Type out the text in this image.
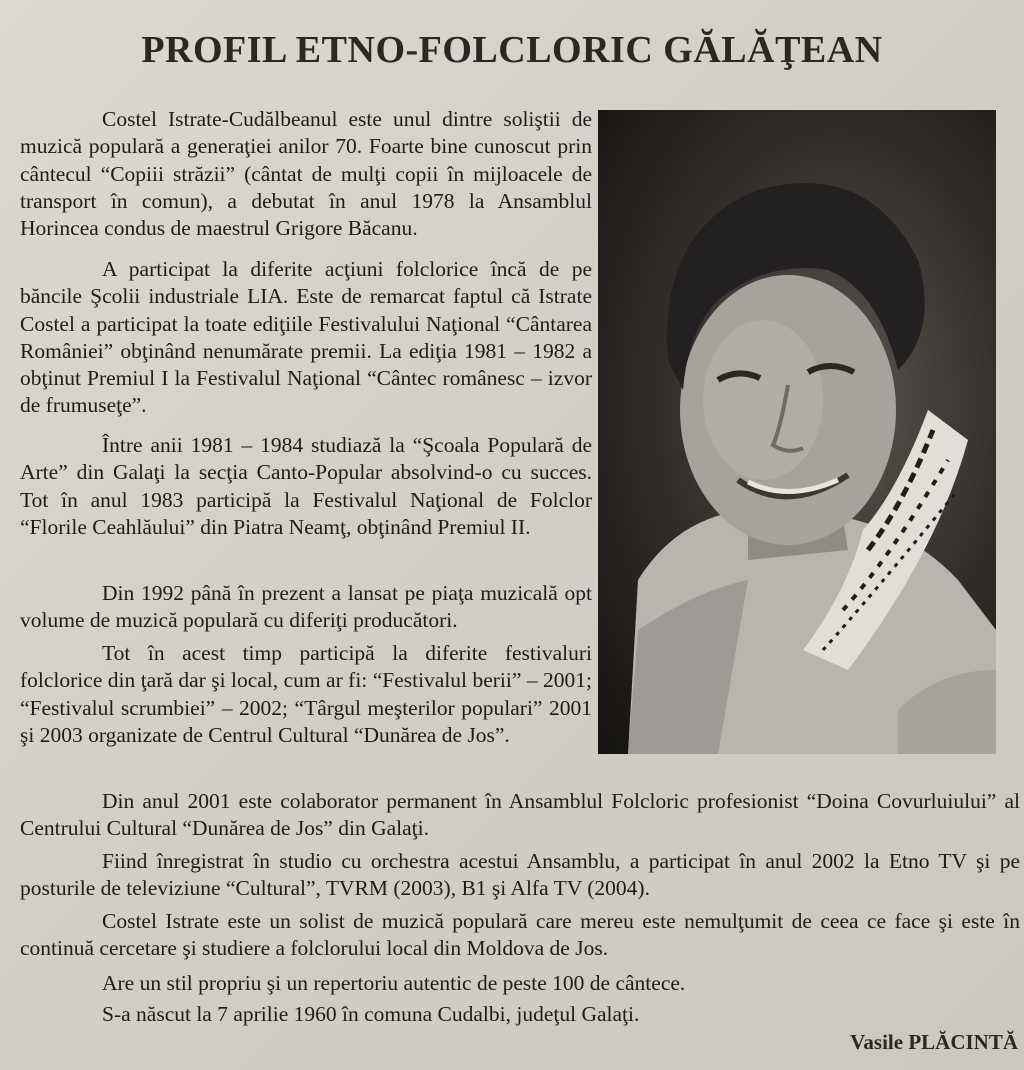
PROFIL ETNO-FOLCLORIC GĂLĂŢEAN

Costel Istrate-Cudălbeanul este unul dintre soliştii de muzică populară a generaţiei anilor 70. Foarte bine cunoscut prin cântecul “Copiii străzii” (cântat de mulţi copii în mijloacele de transport în comun), a debutat în anul 1978 la Ansamblul Horincea condus de maestrul Grigore Băcanu.

A participat la diferite acţiuni folclorice încă de pe băncile Şcolii industriale LIA. Este de remarcat faptul că Istrate Costel a participat la toate ediţiile Festivalului Naţional “Cântarea României” obţinând nenumărate premii. La ediţia 1981 – 1982 a obţinut Premiul I la Festivalul Naţional “Cântec românesc – izvor de frumuseţe”.

Între anii 1981 – 1984 studiază la “Şcoala Populară de Arte” din Galaţi la secţia Canto-Popular absolvind-o cu succes. Tot în anul 1983 participă la Festivalul Naţional de Folclor “Florile Ceahlăului” din Piatra Neamţ, obţinând Premiul II.

Din 1992 până în prezent a lansat pe piaţa muzicală opt volume de muzică populară cu diferiţi producători.

Tot în acest timp participă la diferite festivaluri folclorice din ţară dar şi local, cum ar fi: “Festivalul berii” – 2001; “Festivalul scrumbiei” – 2002; “Târgul meşterilor populari” 2001 şi 2003 organizate de Centrul Cultural “Dunărea de Jos”.

Din anul 2001 este colaborator permanent în Ansamblul Folcloric profesionist “Doina Covurluiului” al Centrului Cultural “Dunărea de Jos” din Galaţi.

Fiind înregistrat în studio cu orchestra acestui Ansamblu, a participat în anul 2002 la Etno TV şi pe posturile de televiziune “Cultural”, TVRM (2003), B1 şi Alfa TV (2004).

Costel Istrate este un solist de muzică populară care mereu este nemulţumit de ceea ce face şi este în continuă cercetare şi studiere a folclorului local din Moldova de Jos.

Are un stil propriu şi un repertoriu autentic de peste 100 de cântece.

S-a născut la 7 aprilie 1960 în comuna Cudalbi, judeţul Galaţi.

Vasile PLĂCINTĂ
